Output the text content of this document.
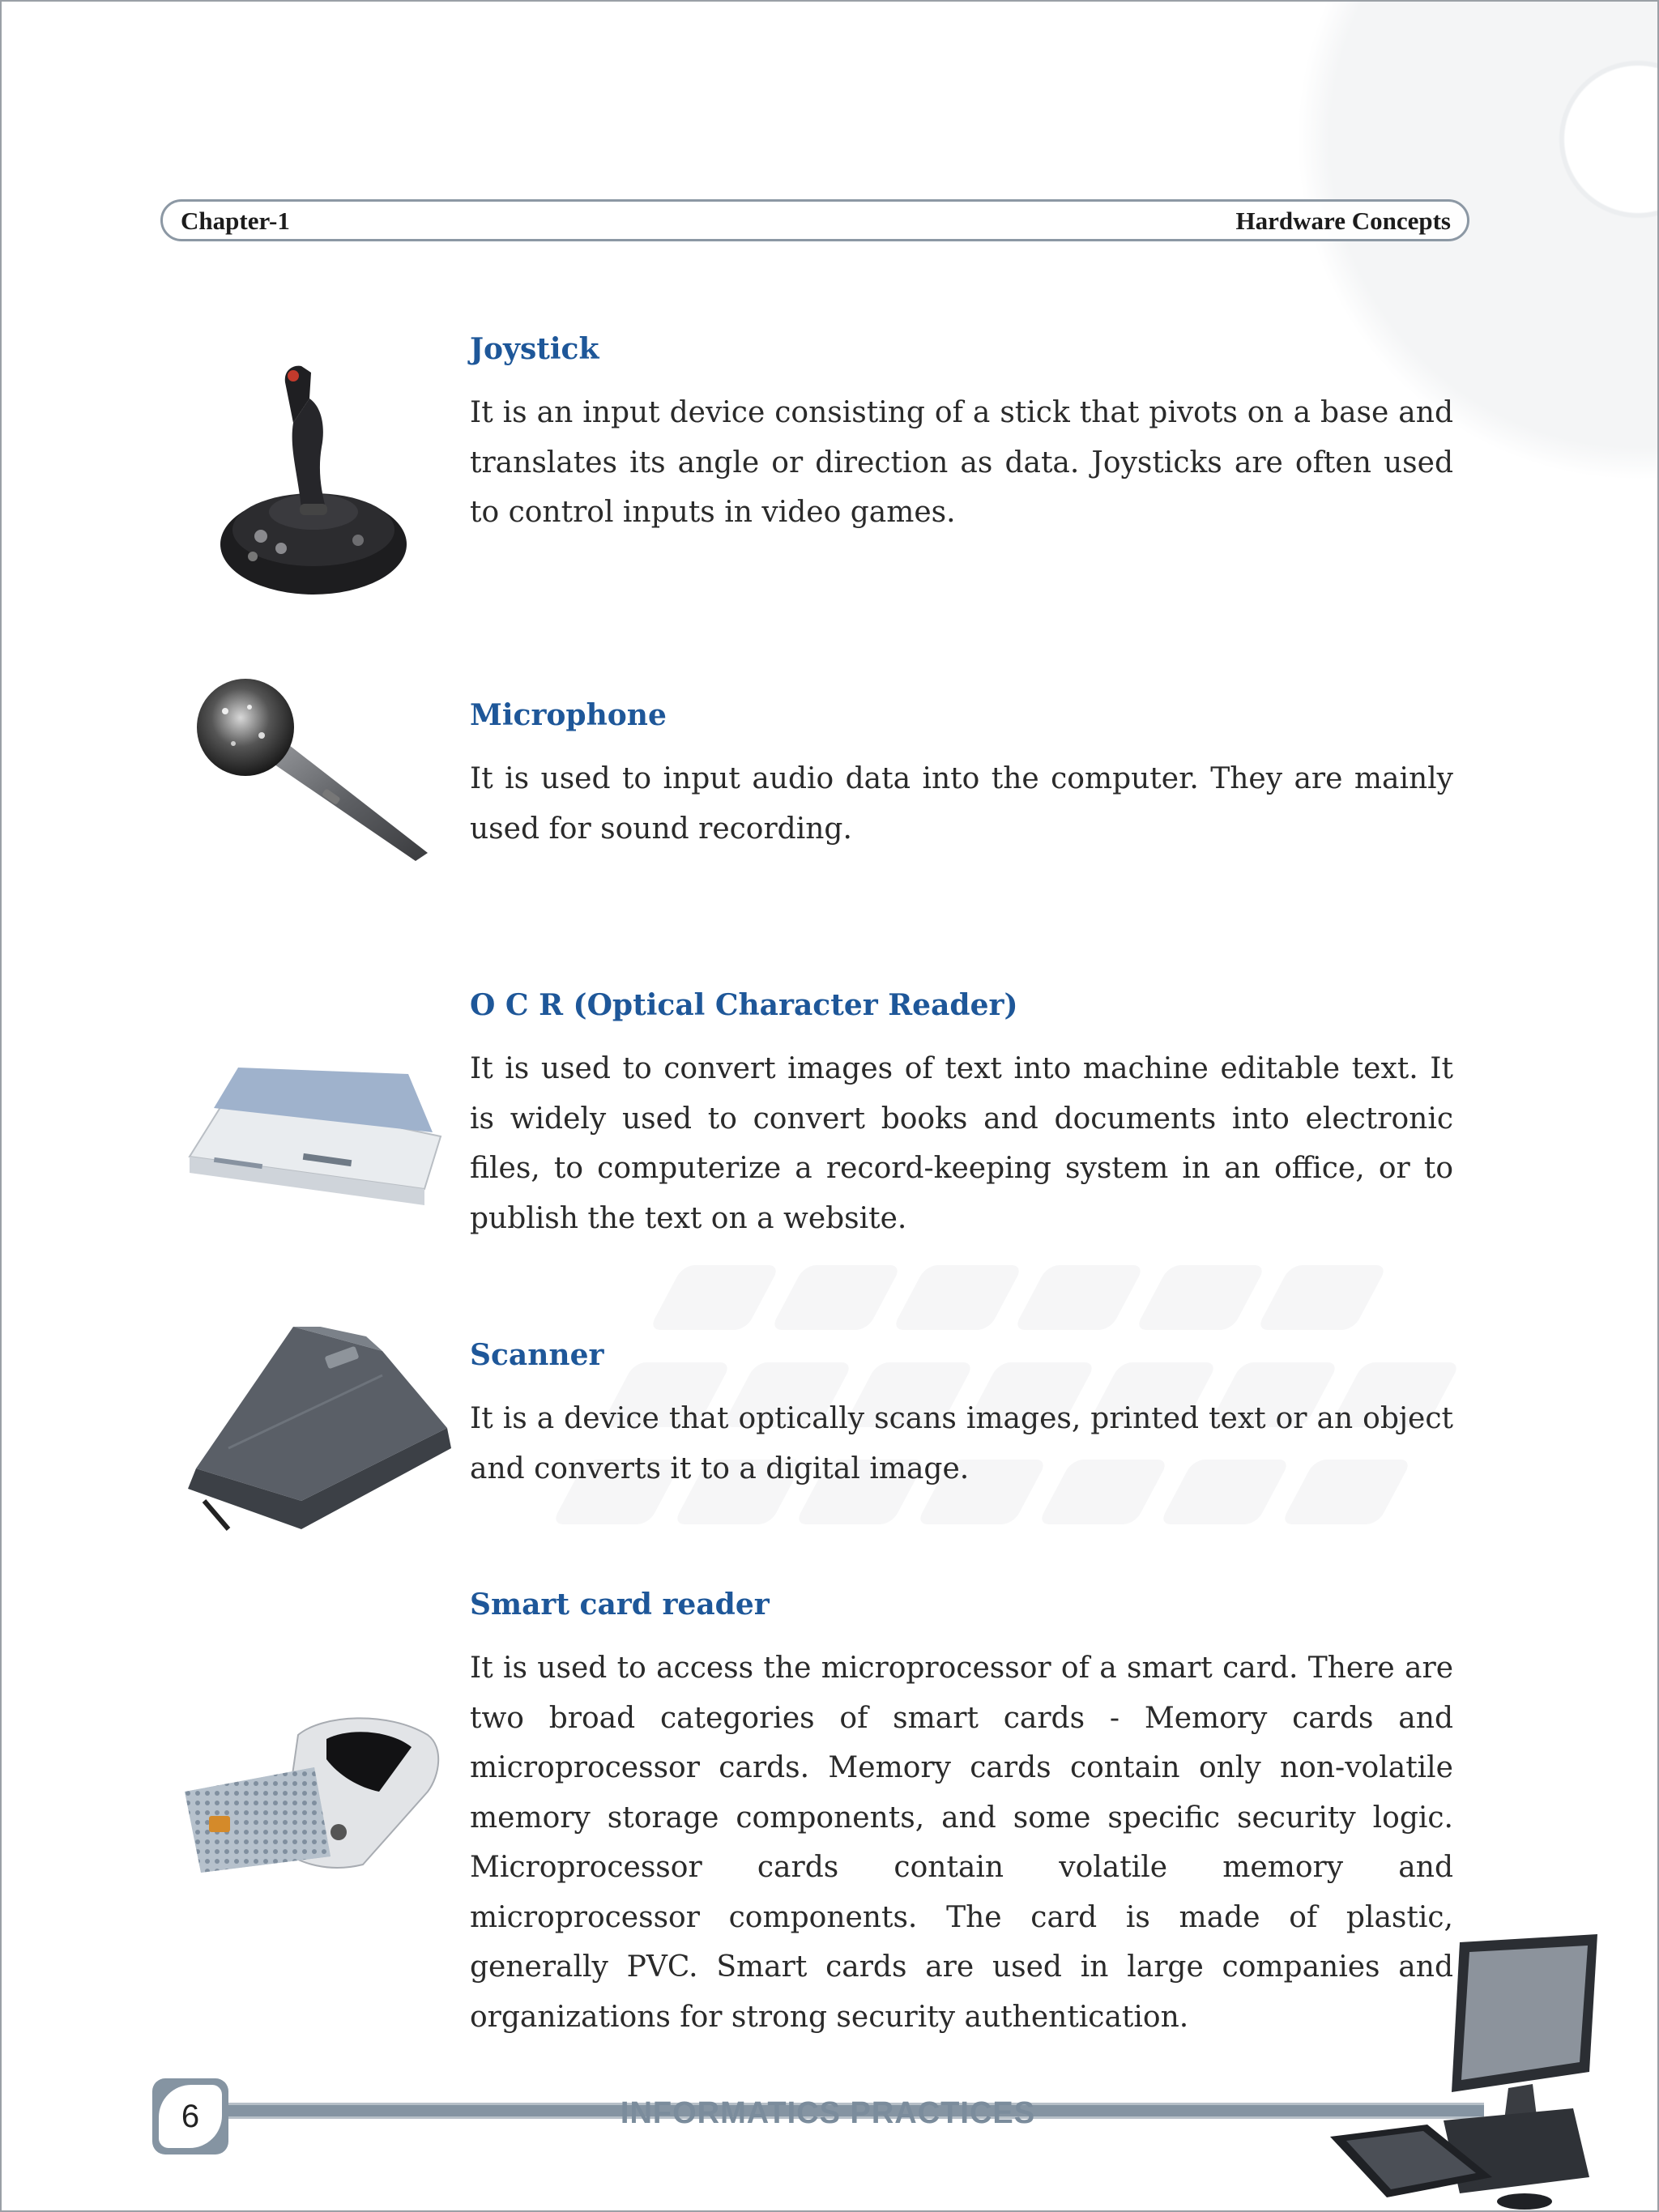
Chapter-1	Hardware Concepts
Joystick

It is an input device consisting of a stick that pivots on a base and translates its angle or direction as data. Joysticks are often used to control inputs in video games.

Microphone

It is used to input audio data into the computer. They are mainly used for sound recording.

O C R (Optical Character Reader)

It is used to convert images of text into machine editable text. It is widely used to convert books and documents into electronic files, to computerize a record-keeping system in an office, or to publish the text on a website.

Scanner

It is a device that optically scans images, printed text or an object and converts it to a digital image.

Smart card reader

It is used to access the microprocessor of a smart card. There are two broad categories of smart cards - Memory cards and microprocessor cards. Memory cards contain only non-volatile memory storage components, and some specific security logic. Microprocessor cards contain volatile memory and microprocessor components. The card is made of plastic, generally PVC. Smart cards are used in large companies and organizations for strong security authentication.

6	INFORMATICS PRACTICES
